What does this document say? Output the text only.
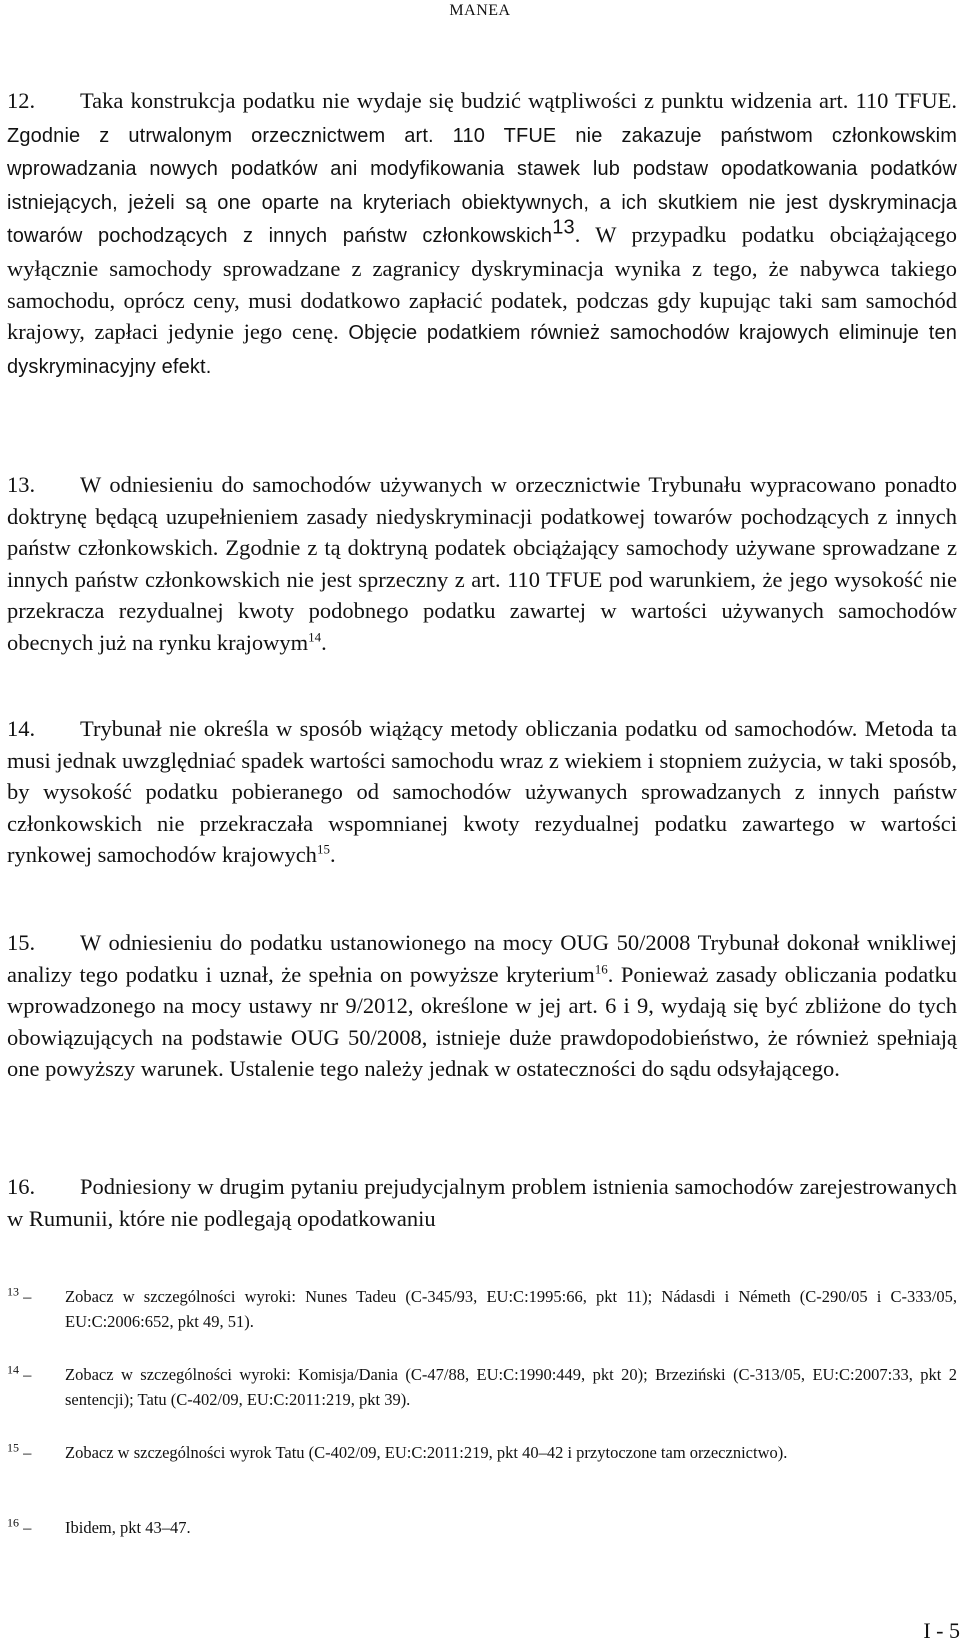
MANEA

12. Taka konstrukcja podatku nie wydaje się budzić wątpliwości z punktu widzenia art. 110 TFUE. Zgodnie z utrwalonym orzecznictwem art. 110 TFUE nie zakazuje państwom członkowskim wprowadzania nowych podatków ani modyfikowania stawek lub podstaw opodatkowania podatków istniejących, jeżeli są one oparte na kryteriach obiektywnych, a ich skutkiem nie jest dyskryminacja towarów pochodzących z innych państw członkowskich$^{13}$. W przypadku podatku obciążającego wyłącznie samochody sprowadzane z zagranicy dyskryminacja wynika z tego, że nabywca takiego samochodu, oprócz ceny, musi dodatkowo zapłacić podatek, podczas gdy kupując taki sam samochód krajowy, zapłaci jedynie jego cenę. Objęcie podatkiem również samochodów krajowych eliminuje ten dyskryminacyjny efekt.

13. W odniesieniu do samochodów używanych w orzecznictwie Trybunału wypracowano ponadto doktrynę będącą uzupełnieniem zasady niedyskryminacji podatkowej towarów pochodzących z innych państw członkowskich. Zgodnie z tą doktryną podatek obciążający samochody używane sprowadzane z innych państw członkowskich nie jest sprzeczny z art. 110 TFUE pod warunkiem, że jego wysokość nie przekracza rezydualnej kwoty podobnego podatku zawartej w wartości używanych samochodów obecnych już na rynku krajowym$^{14}$.

14. Trybunał nie określa w sposób wiążący metody obliczania podatku od samochodów. Metoda ta musi jednak uwzględniać spadek wartości samochodu wraz z wiekiem i stopniem zużycia, w taki sposób, by wysokość podatku pobieranego od samochodów używanych sprowadzanych z innych państw członkowskich nie przekraczała wspomnianej kwoty rezydualnej podatku zawartego w wartości rynkowej samochodów krajowych$^{15}$.

15. W odniesieniu do podatku ustanowionego na mocy OUG 50/2008 Trybunał dokonał wnikliwej analizy tego podatku i uznał, że spełnia on powyższe kryterium$^{16}$. Ponieważ zasady obliczania podatku wprowadzonego na mocy ustawy nr 9/2012, określone w jej art. 6 i 9, wydają się być zbliżone do tych obowiązujących na podstawie OUG 50/2008, istnieje duże prawdopodobieństwo, że również spełniają one powyższy warunek. Ustalenie tego należy jednak w ostateczności do sądu odsyłającego.

16. Podniesiony w drugim pytaniu prejudycjalnym problem istnienia samochodów zarejestrowanych w Rumunii, które nie podlegają opodatkowaniu

$^{13}$ –	Zobacz w szczególności wyroki: Nunes Tadeu (C-345/93, EU:C:1995:66, pkt 11); Nádasdi i Németh (C-290/05 i C-333/05, EU:C:2006:652, pkt 49, 51).
$^{14}$ –	Zobacz w szczególności wyroki: Komisja/Dania (C-47/88, EU:C:1990:449, pkt 20); Brzeziński (C-313/05, EU:C:2007:33, pkt 2 sentencji); Tatu (C-402/09, EU:C:2011:219, pkt 39).
$^{15}$ –	Zobacz w szczególności wyrok Tatu (C-402/09, EU:C:2011:219, pkt 40–42 i przytoczone tam orzecznictwo).
$^{16}$ –	Ibidem, pkt 43–47.
I - 5
